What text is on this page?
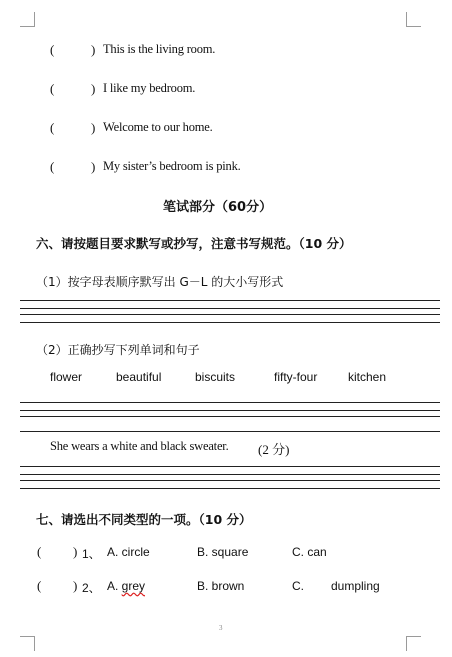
(	) This is the living room.
(	) I like my bedroom.
(	) Welcome to our home.
(	) My sister’s bedroom is pink.
笔试部分（60分）
六、请按题目要求默写或抄写，注意书写规范。（10 分）
（1）按字母表顺序默写出 G－L 的大小写形式
（2）正确抄写下列单词和句子
flower	beautiful	biscuits	fifty-four	kitchen
She wears a white and black sweater. (2 分)
七、请选出不同类型的一项。（10 分）
( ) 1、 A. circle	B. square	C. can
( ) 2、 A. grey	B. brown	C. dumpling
3
